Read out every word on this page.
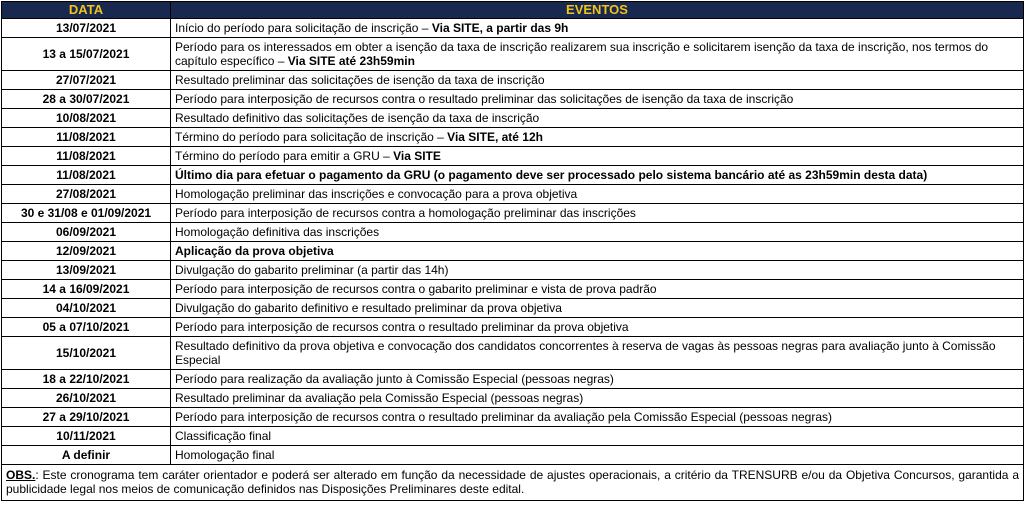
DATA	EVENTOS
13/07/2021	Início do período para solicitação de inscrição – Via SITE, a partir das 9h
13 a 15/07/2021	Período para os interessados em obter a isenção da taxa de inscrição realizarem sua inscrição e solicitarem isenção da taxa de inscrição, nos termos do capítulo específico – Via SITE até 23h59min
27/07/2021	Resultado preliminar das solicitações de isenção da taxa de inscrição
28 a 30/07/2021	Período para interposição de recursos contra o resultado preliminar das solicitações de isenção da taxa de inscrição
10/08/2021	Resultado definitivo das solicitações de isenção da taxa de inscrição
11/08/2021	Término do período para solicitação de inscrição – Via SITE, até 12h
11/08/2021	Término do período para emitir a GRU – Via SITE
11/08/2021	Último dia para efetuar o pagamento da GRU (o pagamento deve ser processado pelo sistema bancário até as 23h59min desta data)
27/08/2021	Homologação preliminar das inscrições e convocação para a prova objetiva
30 e 31/08 e 01/09/2021	Período para interposição de recursos contra a homologação preliminar das inscrições
06/09/2021	Homologação definitiva das inscrições
12/09/2021	Aplicação da prova objetiva
13/09/2021	Divulgação do gabarito preliminar (a partir das 14h)
14 a 16/09/2021	Período para interposição de recursos contra o gabarito preliminar e vista de prova padrão
04/10/2021	Divulgação do gabarito definitivo e resultado preliminar da prova objetiva
05 a 07/10/2021	Período para interposição de recursos contra o resultado preliminar da prova objetiva
15/10/2021	Resultado definitivo da prova objetiva e convocação dos candidatos concorrentes à reserva de vagas às pessoas negras para avaliação junto à Comissão Especial
18 a 22/10/2021	Período para realização da avaliação junto à Comissão Especial (pessoas negras)
26/10/2021	Resultado preliminar da avaliação pela Comissão Especial (pessoas negras)
27 a 29/10/2021	Período para interposição de recursos contra o resultado preliminar da avaliação pela Comissão Especial (pessoas negras)
10/11/2021	Classificação final
A definir	Homologação final
OBS.: Este cronograma tem caráter orientador e poderá ser alterado em função da necessidade de ajustes operacionais, a critério da TRENSURB e/ou da Objetiva Concursos, garantida a publicidade legal nos meios de comunicação definidos nas Disposições Preliminares deste edital.	
